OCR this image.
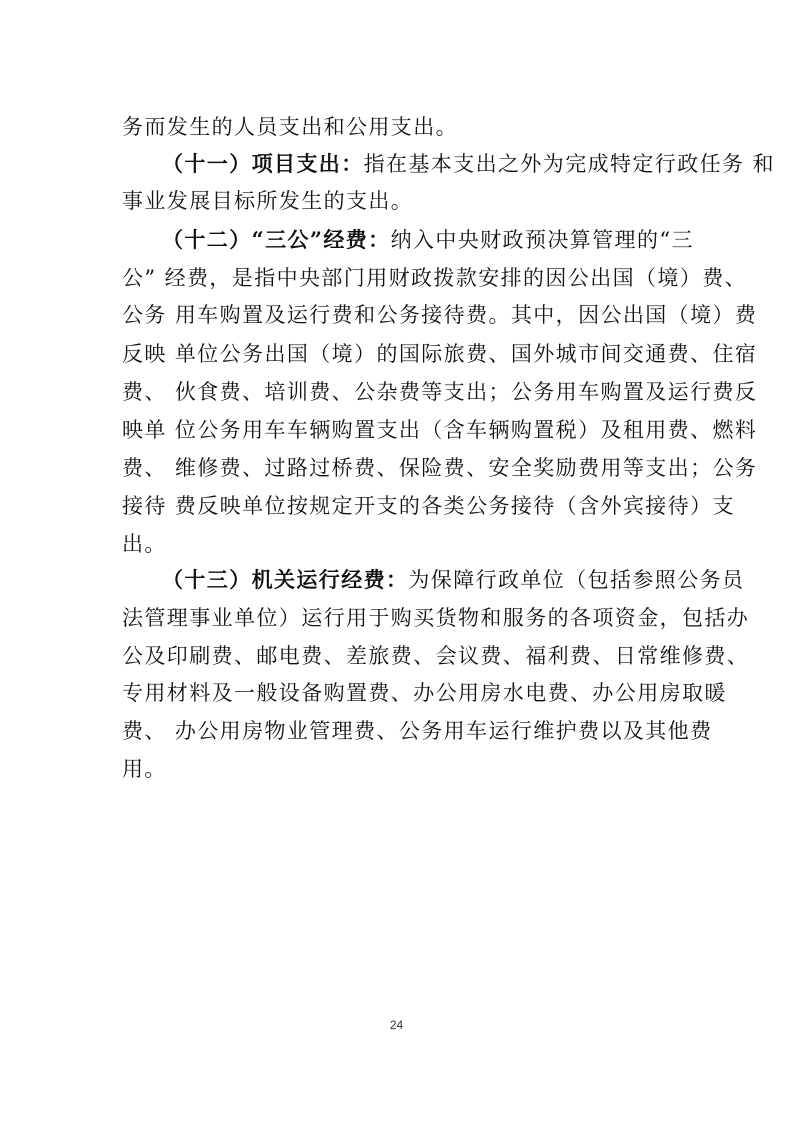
务而发生的人员支出和公用支出。
（十一）项目支出：指在基本支出之外为完成特定行政任务 和
事业发展目标所发生的支出。
（十二）“三公”经费：纳入中央财政预决算管理的“三
公” 经费，是指中央部门用财政拨款安排的因公出国（境）费、
公务 用车购置及运行费和公务接待费。其中，因公出国（境）费
反映 单位公务出国（境）的国际旅费、国外城市间交通费、住宿
费、 伙食费、培训费、公杂费等支出；公务用车购置及运行费反
映单 位公务用车车辆购置支出（含车辆购置税）及租用费、燃料
费、 维修费、过路过桥费、保险费、安全奖励费用等支出；公务
接待 费反映单位按规定开支的各类公务接待（含外宾接待）支
出。
（十三）机关运行经费：为保障行政单位（包括参照公务员
法管理事业单位）运行用于购买货物和服务的各项资金，包括办
公及印刷费、邮电费、差旅费、会议费、福利费、日常维修费、
专用材料及一般设备购置费、办公用房水电费、办公用房取暖
费、 办公用房物业管理费、公务用车运行维护费以及其他费
用。
24
